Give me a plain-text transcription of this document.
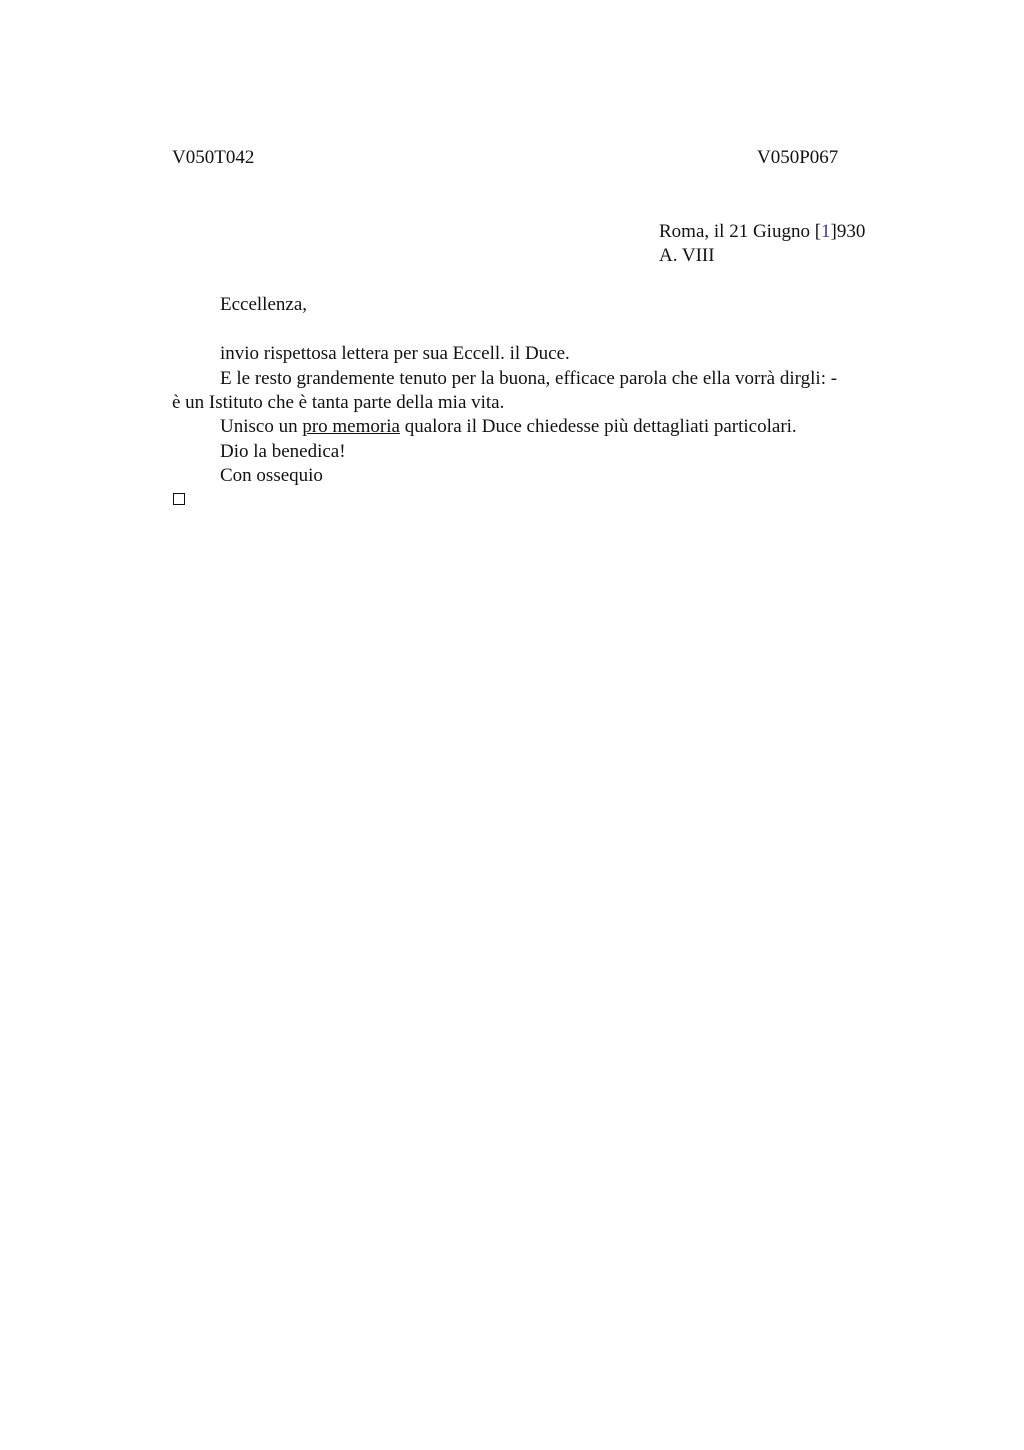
V050T042	V050P067
Roma, il 21 Giugno [1]930
A. VIII
Eccellenza,
invio rispettosa lettera per sua Eccell. il Duce.
E le resto grandemente tenuto per la buona, efficace parola che ella vorrà dirgli: -
è un Istituto che è tanta parte della mia vita.
Unisco un pro memoria qualora il Duce chiedesse più dettagliati particolari.
Dio la benedica!
Con ossequio
